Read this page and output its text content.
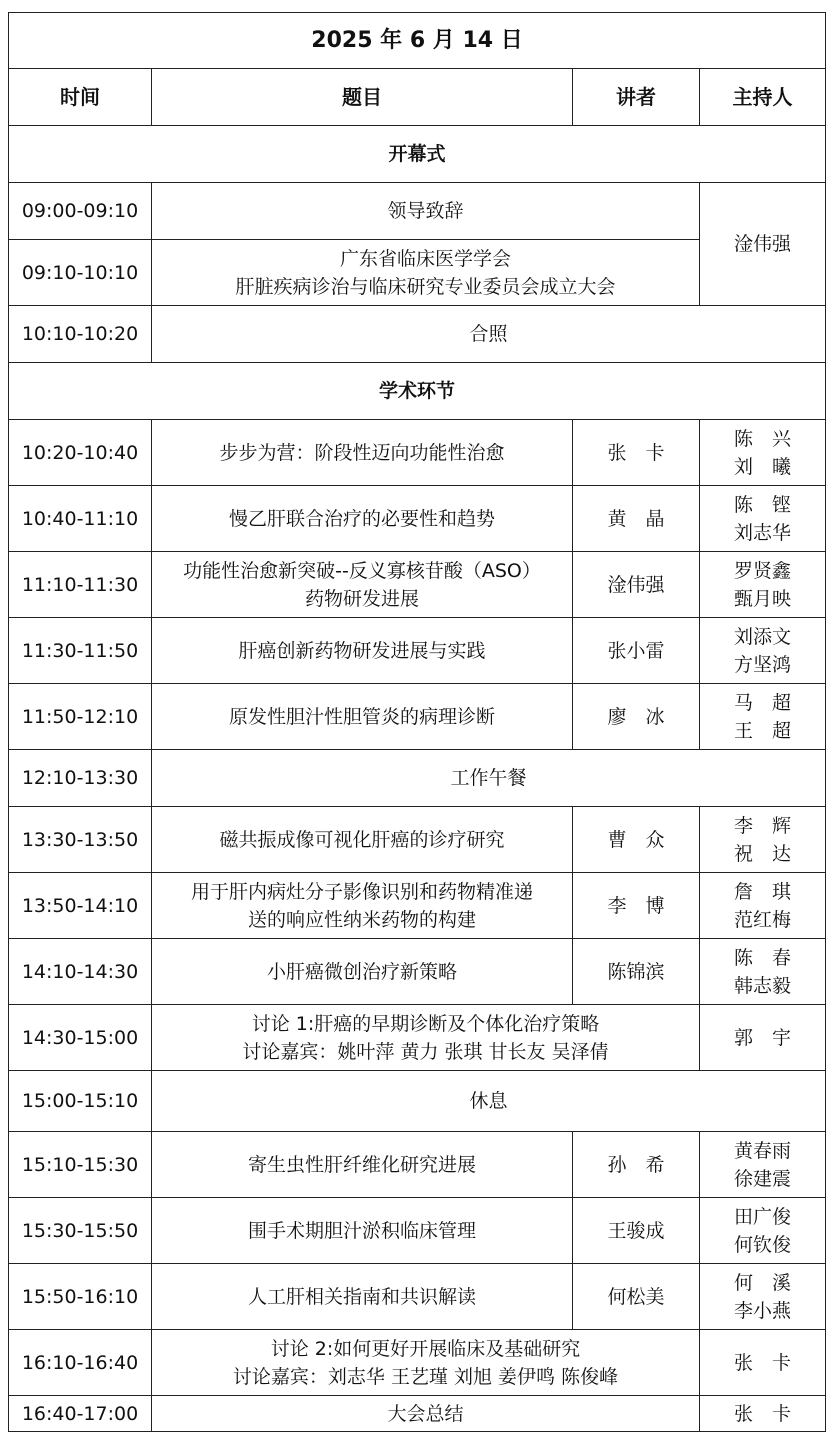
2025 年 6 月 14 日			
时间	题目	讲者	主持人
开幕式			
09:00-09:10	领导致辞		淦伟强
09:10-10:10	广东省临床医学学会
肝脏疾病诊治与临床研究专业委员会成立大会		

10:10-10:20	合照		
学术环节			
10:20-10:40	步步为营：阶段性迈向功能性治愈	张　卡	陈　兴
刘　曦

10:40-11:10	慢乙肝联合治疗的必要性和趋势	黄　晶	陈　铿
刘志华

11:10-11:30	功能性治愈新突破--反义寡核苷酸（ASO）
药物研发进展	淦伟强	罗贤鑫
甄月映

11:30-11:50	肝癌创新药物研发进展与实践	张小雷	刘添文
方坚鸿

11:50-12:10	原发性胆汁性胆管炎的病理诊断	廖　冰	马　超
王　超

12:10-13:30	工作午餐		
13:30-13:50	磁共振成像可视化肝癌的诊疗研究	曹　众	李　辉
祝　达

13:50-14:10	用于肝内病灶分子影像识别和药物精准递
送的响应性纳米药物的构建	李　博	詹　琪
范红梅

14:10-14:30	小肝癌微创治疗新策略	陈锦滨	陈　春
韩志毅

14:30-15:00	讨论 1:肝癌的早期诊断及个体化治疗策略
讨论嘉宾：姚叶萍 黄力 张琪 甘长友 吴泽倩		郭　宇
15:00-15:10	休息		
15:10-15:30	寄生虫性肝纤维化研究进展	孙　希	黄春雨
徐建震

15:30-15:50	围手术期胆汁淤积临床管理	王骏成	田广俊
何钦俊

15:50-16:10	人工肝相关指南和共识解读	何松美	何　溪
李小燕

16:10-16:40	讨论 2:如何更好开展临床及基础研究
讨论嘉宾：刘志华 王艺瑾 刘旭 姜伊鸣 陈俊峰		张　卡
16:40-17:00	大会总结		张　卡
